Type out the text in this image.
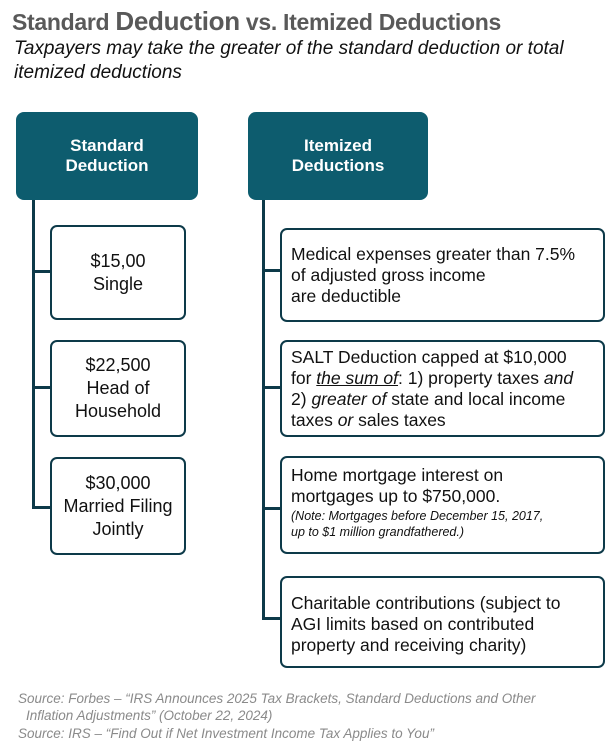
Standard Deduction vs. Itemized Deductions
Taxpayers may take the greater of the standard deduction or total itemized deductions
Standard
Deduction
Itemized
Deductions
$15,00
Single
$22,500
Head of
Household
$30,000
Married Filing
Jointly
Medical expenses greater than 7.5%
of adjusted gross income
are deductible
SALT Deduction capped at $10,000
for the sum of: 1) property taxes and
2) greater of state and local income
taxes or sales taxes
Home mortgage interest on
mortgages up to $750,000.
(Note: Mortgages before December 15, 2017,
up to $1 million grandfathered.)
Charitable contributions (subject to
AGI limits based on contributed
property and receiving charity)
Source: Forbes – “IRS Announces 2025 Tax Brackets, Standard Deductions and Other
Inflation Adjustments” (October 22, 2024)
Source: IRS – “Find Out if Net Investment Income Tax Applies to You”
